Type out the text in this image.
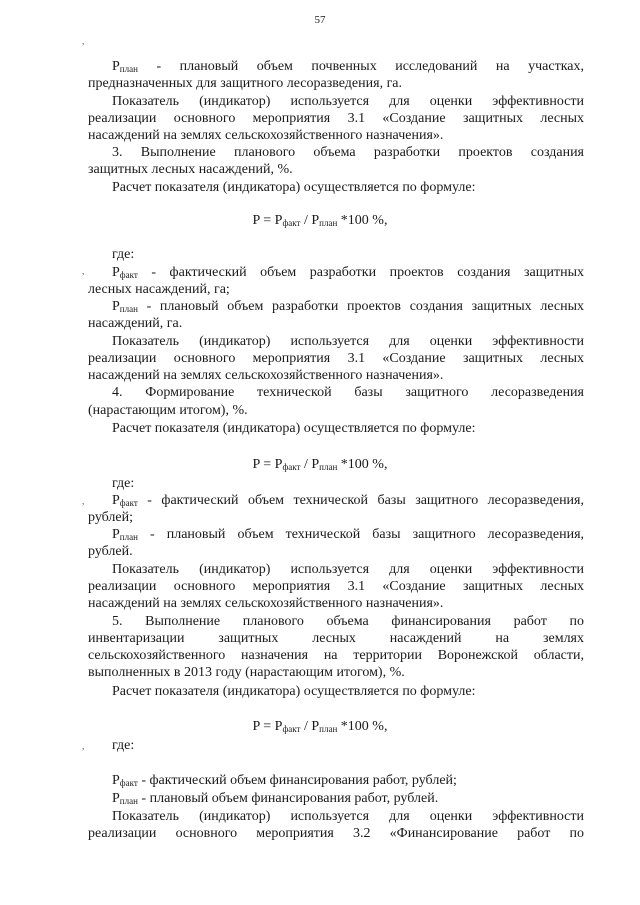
57
$P_{план}$ - плановый объем почвенных исследований на участках,
предназначенных для защитного лесоразведения, га.
Показатель (индикатор) используется для оценки эффективности
реализации основного мероприятия 3.1 «Создание защитных лесных
насаждений на землях сельскохозяйственного назначения».
3. Выполнение планового объема разработки проектов создания
защитных лесных насаждений, %.
Расчет показателя (индикатора) осуществляется по формуле:
$P = P_{факт} / Р_{план}$ *100 %,
где:
$P_{факт}$ - фактический объем разработки проектов создания защитных
лесных насаждений, га;
$P_{план}$ - плановый объем разработки проектов создания защитных лесных
насаждений, га.
Показатель (индикатор) используется для оценки эффективности
реализации основного мероприятия 3.1 «Создание защитных лесных
насаждений на землях сельскохозяйственного назначения».
4. Формирование технической базы защитного лесоразведения
(нарастающим итогом), %.
Расчет показателя (индикатора) осуществляется по формуле:
$P = P_{факт} / Р_{план}$ *100 %,
где:
$P_{факт}$ - фактический объем технической базы защитного лесоразведения,
рублей;
$P_{план}$ - плановый объем технической базы защитного лесоразведения,
рублей.
Показатель (индикатор) используется для оценки эффективности
реализации основного мероприятия 3.1 «Создание защитных лесных
насаждений на землях сельскохозяйственного назначения».
5. Выполнение планового объема финансирования работ по
инвентаризации защитных лесных насаждений на землях
сельскохозяйственного назначения на территории Воронежской области,
выполненных в 2013 году (нарастающим итогом), %.
Расчет показателя (индикатора) осуществляется по формуле:
$P = P_{факт} / Р_{план}$ *100 %,
где:
$P_{факт}$ - фактический объем финансирования работ, рублей;
$P_{план}$ - плановый объем финансирования работ, рублей.
Показатель (индикатор) используется для оценки эффективности
реализации основного мероприятия 3.2 «Финансирование работ по
,
,
,
,
